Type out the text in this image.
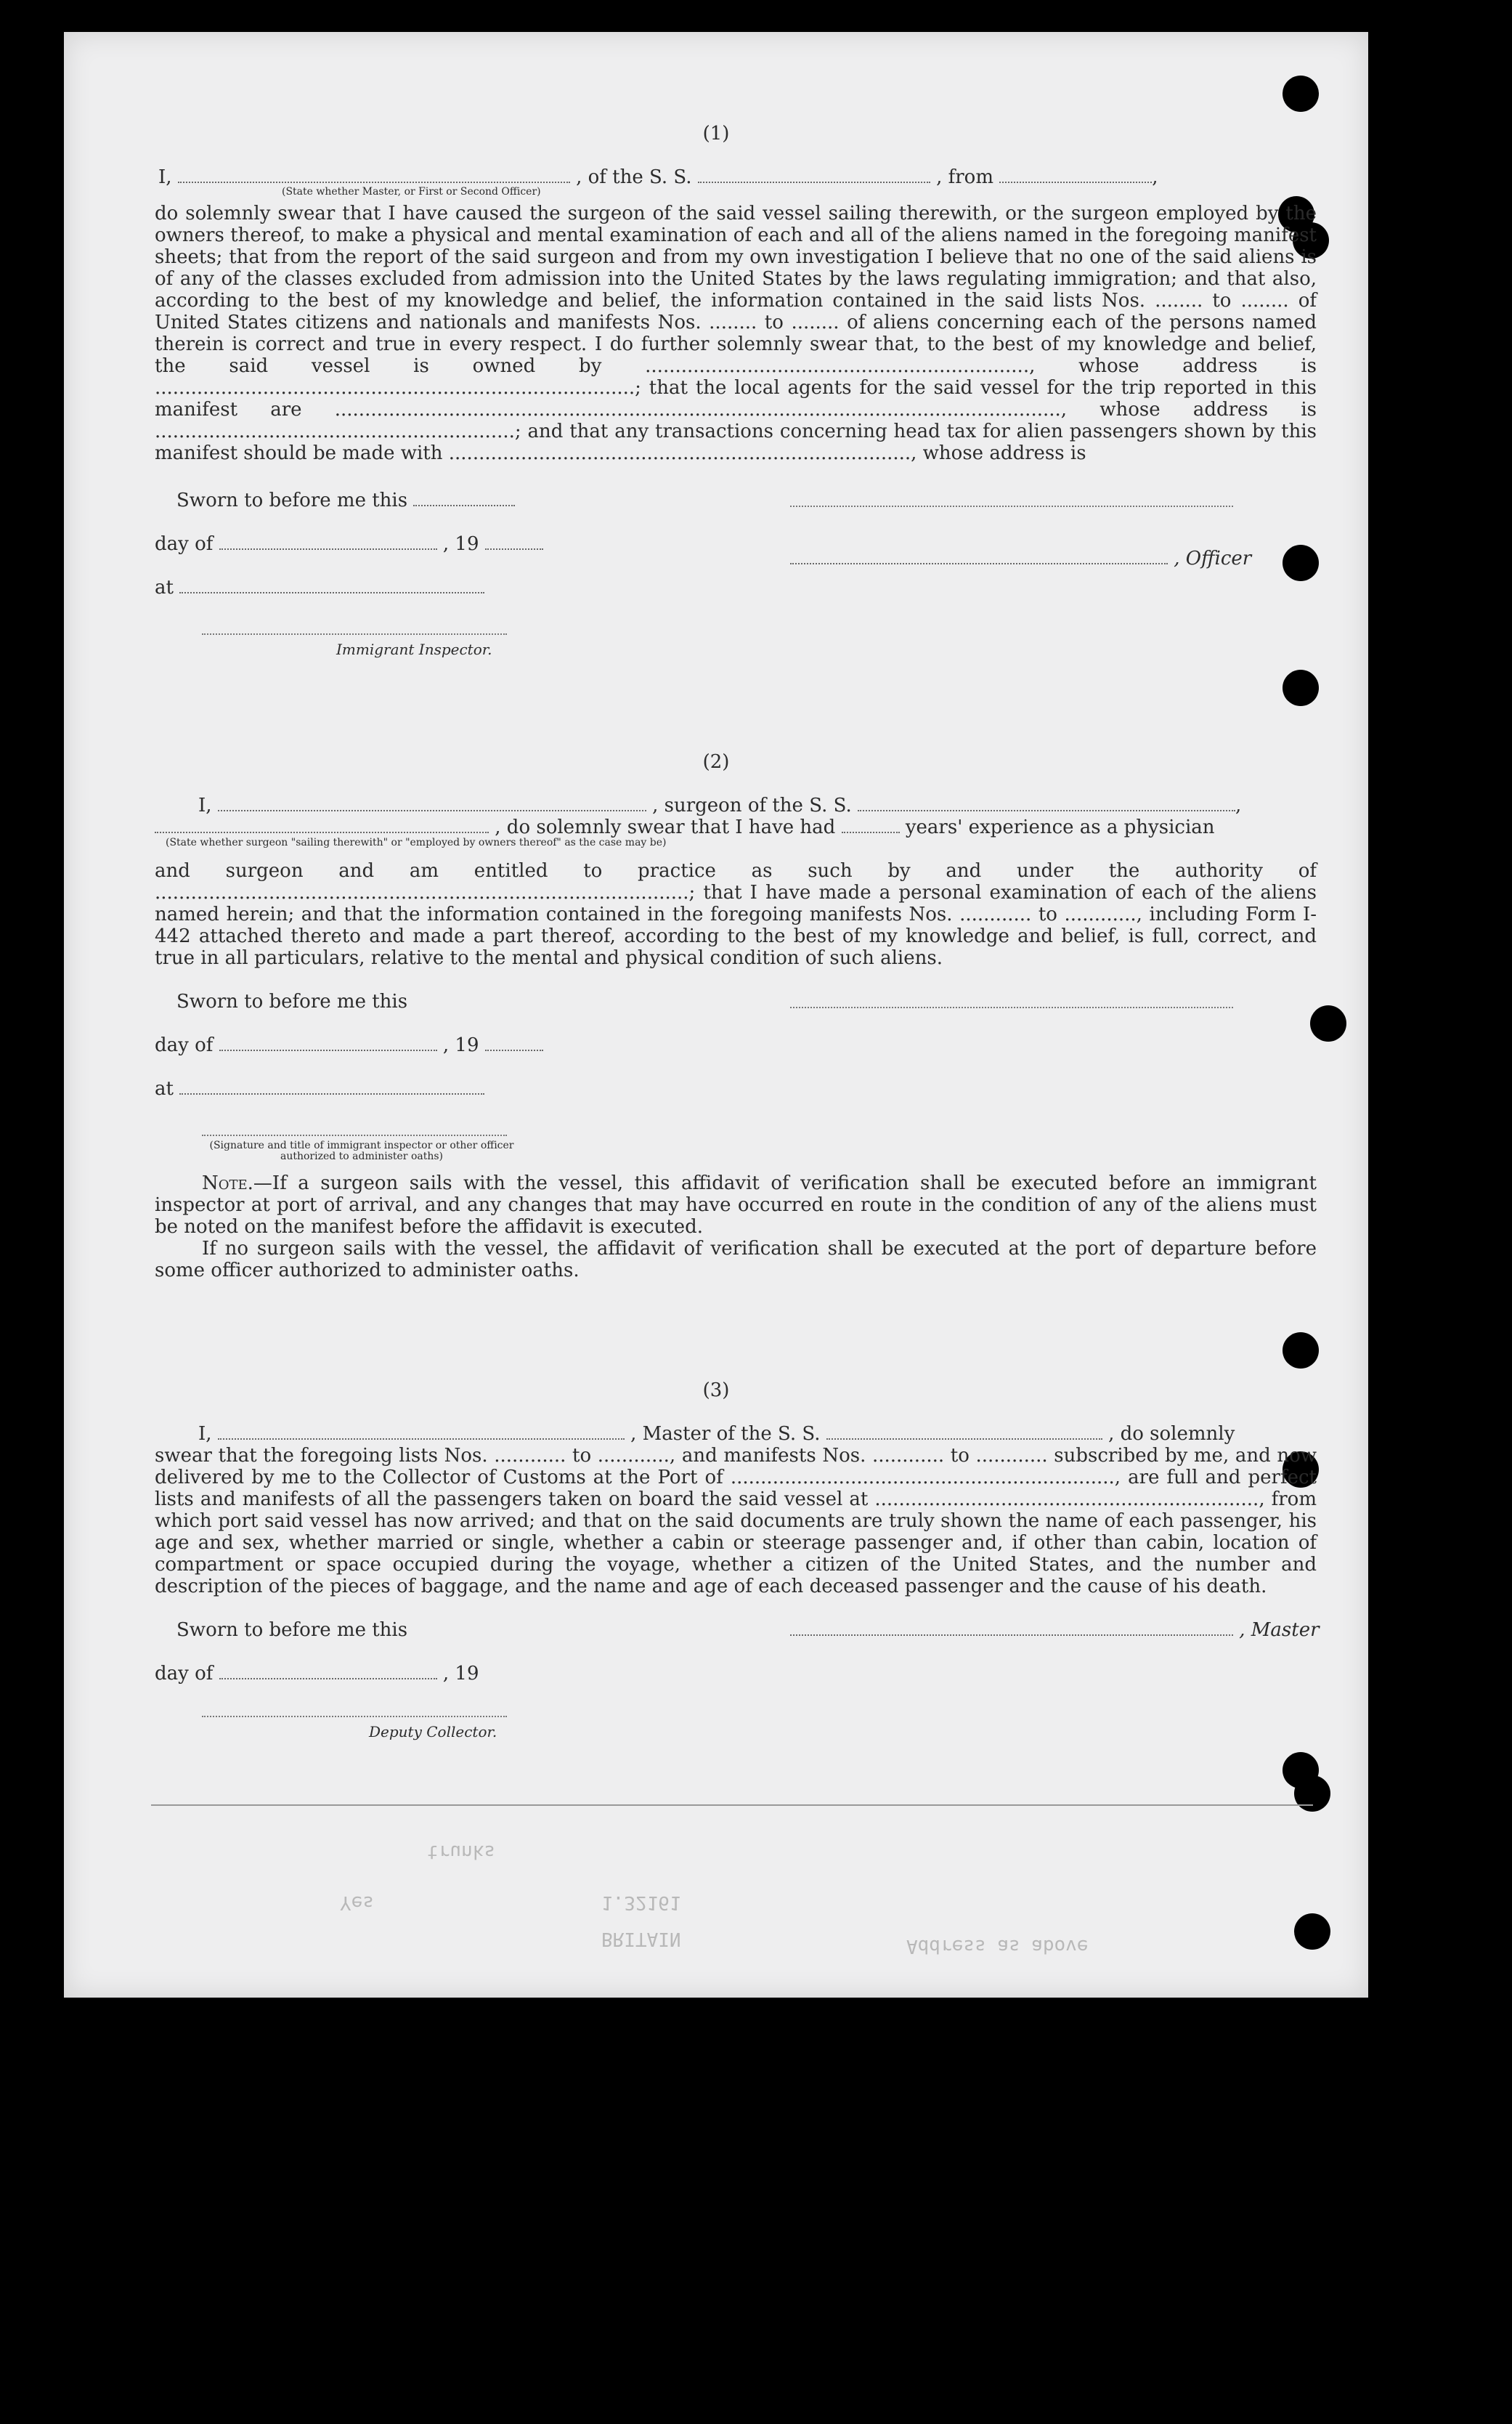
1.32161
BRITAIN
Yes
Address as above
trunks
(1)
I,	, of the S. S.	, from	,
(State whether Master, or First or Second Officer)

do solemnly swear that I have caused the surgeon of the said vessel sailing therewith, or the surgeon employed by the owners thereof, to make a physical and mental examination of each and all of the aliens named in the foregoing manifest sheets; that from the report of the said surgeon and from my own investigation I believe that no one of the said aliens is of any of the classes excluded from admission into the United States by the laws regulating immigration; and that also, according to the best of my knowledge and belief, the information contained in the said lists Nos. ........ to ........ of United States citizens and nationals and manifests Nos. ........ to ........ of aliens concerning each of the persons named therein is correct and true in every respect. I do further solemnly swear that, to the best of my knowledge and belief, the said vessel is owned by ................................................................, whose address is ................................................................................; that the local agents for the said vessel for the trip reported in this manifest are ........................................................................................................................., whose address is ............................................................; and that any transactions concerning head tax for alien passengers shown by this manifest should be made with ............................................................................., whose address is

Sworn to before me this
day of	, 19
, Officer
at
Immigrant Inspector.
(2)
I,	, surgeon of the S. S.	,
, do solemnly swear that I have had	years' experience as a physician
(State whether surgeon "sailing therewith" or "employed by owners thereof" as the case may be)

and surgeon and am entitled to practice as such by and under the authority of .........................................................................................; that I have made a personal examination of each of the aliens named herein; and that the information contained in the foregoing manifests Nos. ............ to ............, including Form I-442 attached thereto and made a part thereof, according to the best of my knowledge and belief, is full, correct, and true in all particulars, relative to the mental and physical condition of such aliens.

Sworn to before me this
day of	, 19
at
(Signature and title of immigrant inspector or other officer authorized to administer oaths)

Note.—If a surgeon sails with the vessel, this affidavit of verification shall be executed before an immigrant inspector at port of arrival, and any changes that may have occurred en route in the condition of any of the aliens must be noted on the manifest before the affidavit is executed.

If no surgeon sails with the vessel, the affidavit of verification shall be executed at the port of departure before some officer authorized to administer oaths.

(3)
I,	, Master of the S. S.	, do solemnly

swear that the foregoing lists Nos. ............ to ............, and manifests Nos. ............ to ............ subscribed by me, and now delivered by me to the Collector of Customs at the Port of ................................................................, are full and perfect lists and manifests of all the passengers taken on board the said vessel at ................................................................, from which port said vessel has now arrived; and that on the said documents are truly shown the name of each passenger, his age and sex, whether married or single, whether a cabin or steerage passenger and, if other than cabin, location of compartment or space occupied during the voyage, whether a citizen of the United States, and the number and description of the pieces of baggage, and the name and age of each deceased passenger and the cause of his death.

Sworn to before me this	, Master
day of	, 19
Deputy Collector.
